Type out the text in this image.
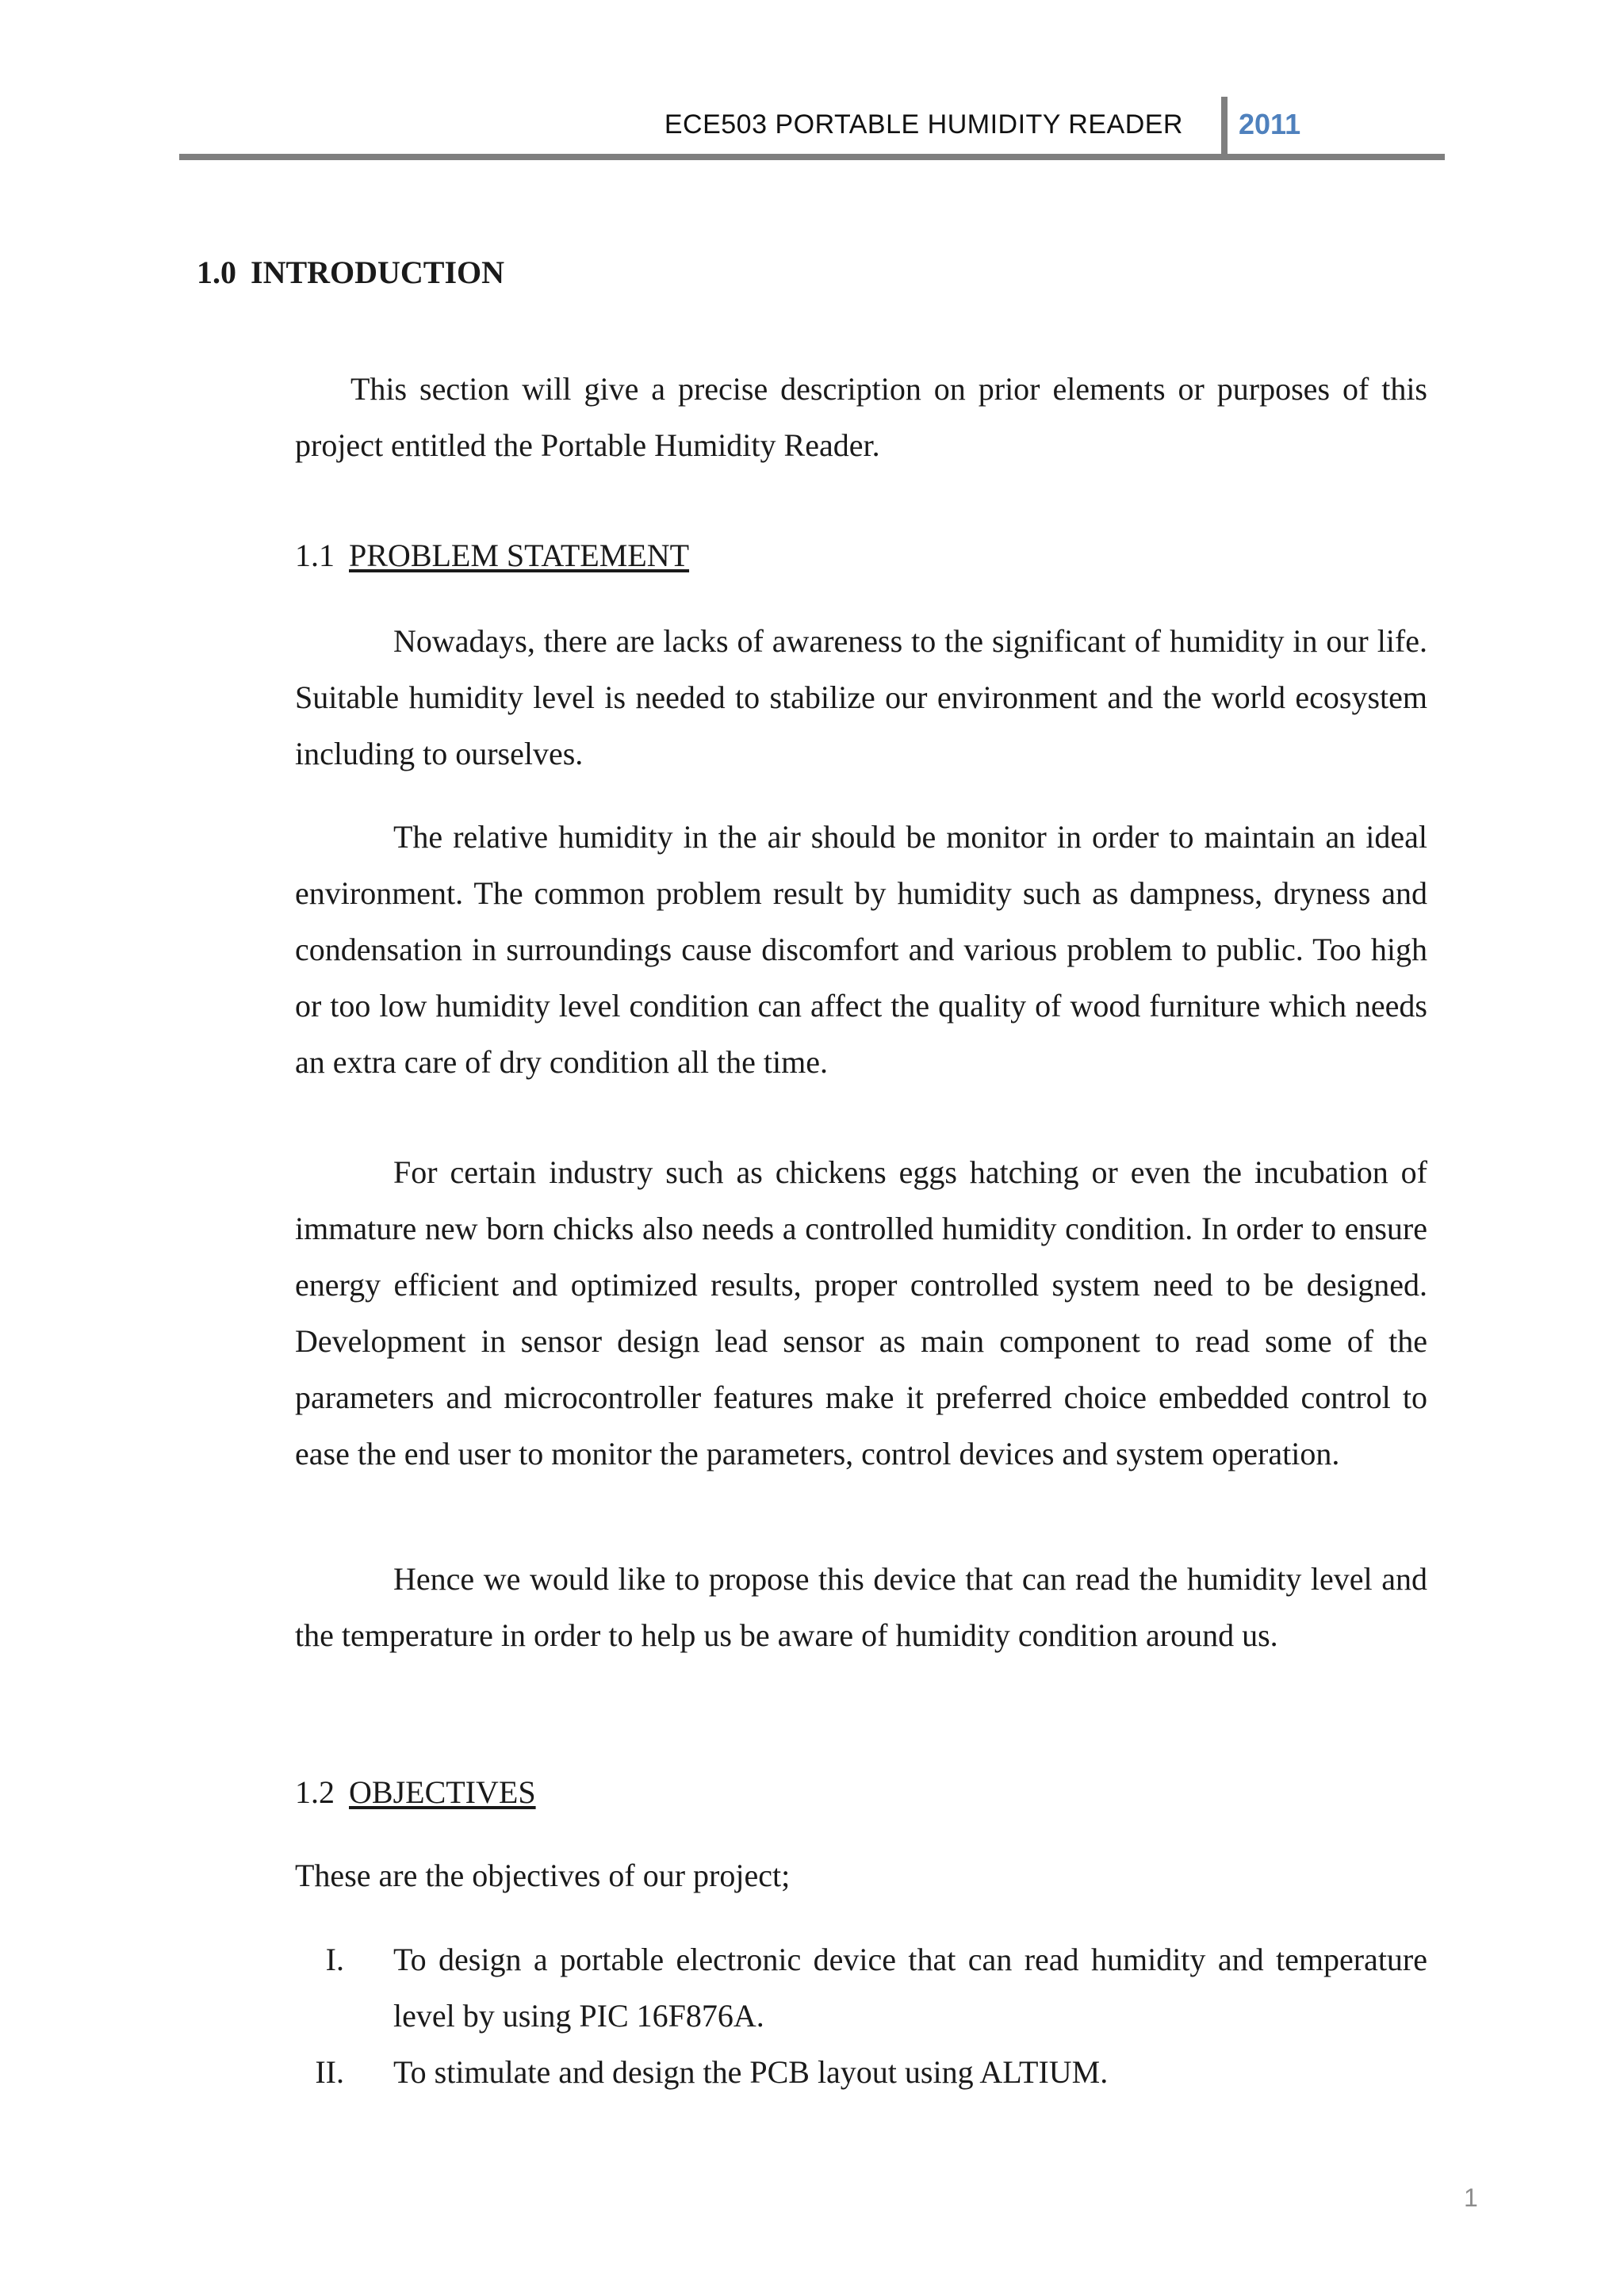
ECE503 PORTABLE HUMIDITY READER 2011
1.0 INTRODUCTION

This section will give a precise description on prior elements or purposes of this project entitled the Portable Humidity Reader.

1.1 PROBLEM STATEMENT

Nowadays, there are lacks of awareness to the significant of humidity in our life. Suitable humidity level is needed to stabilize our environment and the world ecosystem including to ourselves.

The relative humidity in the air should be monitor in order to maintain an ideal environment. The common problem result by humidity such as dampness, dryness and condensation in surroundings cause discomfort and various problem to public. Too high or too low humidity level condition can affect the quality of wood furniture which needs an extra care of dry condition all the time.

For certain industry such as chickens eggs hatching or even the incubation of immature new born chicks also needs a controlled humidity condition. In order to ensure energy efficient and optimized results, proper controlled system need to be designed. Development in sensor design lead sensor as main component to read some of the parameters and microcontroller features make it preferred choice embedded control to ease the end user to monitor the parameters, control devices and system operation.

Hence we would like to propose this device that can read the humidity level and the temperature in order to help us be aware of humidity condition around us.

1.2 OBJECTIVES

These are the objectives of our project;

I. To design a portable electronic device that can read humidity and temperature level by using PIC 16F876A.
II. To stimulate and design the PCB layout using ALTIUM.
1
